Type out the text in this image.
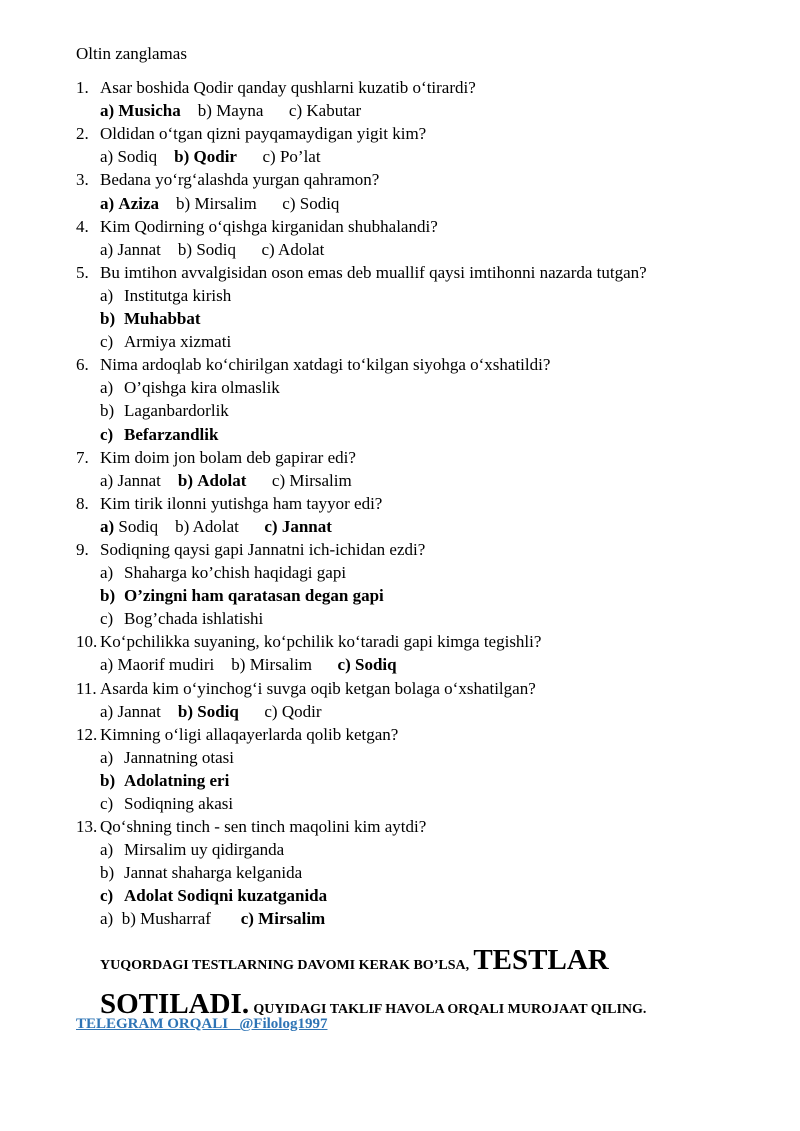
Oltin zanglamas
1. Asar boshida Qodir qanday qushlarni kuzatib o‘tirardi?
a) Musicha b) Mayna c) Kabutar
2. Oldidan o‘tgan qizni payqamaydigan yigit kim?
a) Sodiq b) Qodir c) Po’lat
3. Bedana yo‘rg‘alashda yurgan qahramon?
a) Aziza b) Mirsalim c) Sodiq
4. Kim Qodirning o‘qishga kirganidan shubhalandi?
a) Jannat b) Sodiq c) Adolat
5. Bu imtihon avvalgisidan oson emas deb muallif qaysi imtihonni nazarda tutgan?
a) Institutga kirish
b) Muhabbat
c) Armiya xizmati
6. Nima ardoqlab ko‘chirilgan xatdagi to‘kilgan siyohga o‘xshatildi?
a) O’qishga kira olmaslik
b) Laganbardorlik
c) Befarzandlik
7. Kim doim jon bolam deb gapirar edi?
a) Jannat b) Adolat c) Mirsalim
8. Kim tirik ilonni yutishga ham tayyor edi?
a) Sodiq b) Adolat c) Jannat
9. Sodiqning qaysi gapi Jannatni ich-ichidan ezdi?
a) Shaharga ko’chish haqidagi gapi
b) O’zingni ham qaratasan degan gapi
c) Bog’chada ishlatishi
10. Ko‘pchilikka suyaning, ko‘pchilik ko‘taradi gapi kimga tegishli?
a) Maorif mudiri b) Mirsalim c) Sodiq
11. Asarda kim o‘yinchog‘i suvga oqib ketgan bolaga o‘xshatilgan?
a) Jannat b) Sodiq c) Qodir
12. Kimning o‘ligi allaqayerlarda qolib ketgan?
a) Jannatning otasi
b) Adolatning eri
c) Sodiqning akasi
13. Qo‘shning tinch - sen tinch maqolini kim aytdi?
a) Mirsalim uy qidirganda
b) Jannat shaharga kelganida
c) Adolat Sodiqni kuzatganida
a) b) Musharraf c) Mirsalim
YUQORDAGI TESTLARNING DAVOMI KERAK BO’LSA, TESTLAR SOTILADI. QUYIDAGI TAKLIF HAVOLA ORQALI MUROJAAT QILING.
TELEGRAM ORQALI   @Filolog1997
